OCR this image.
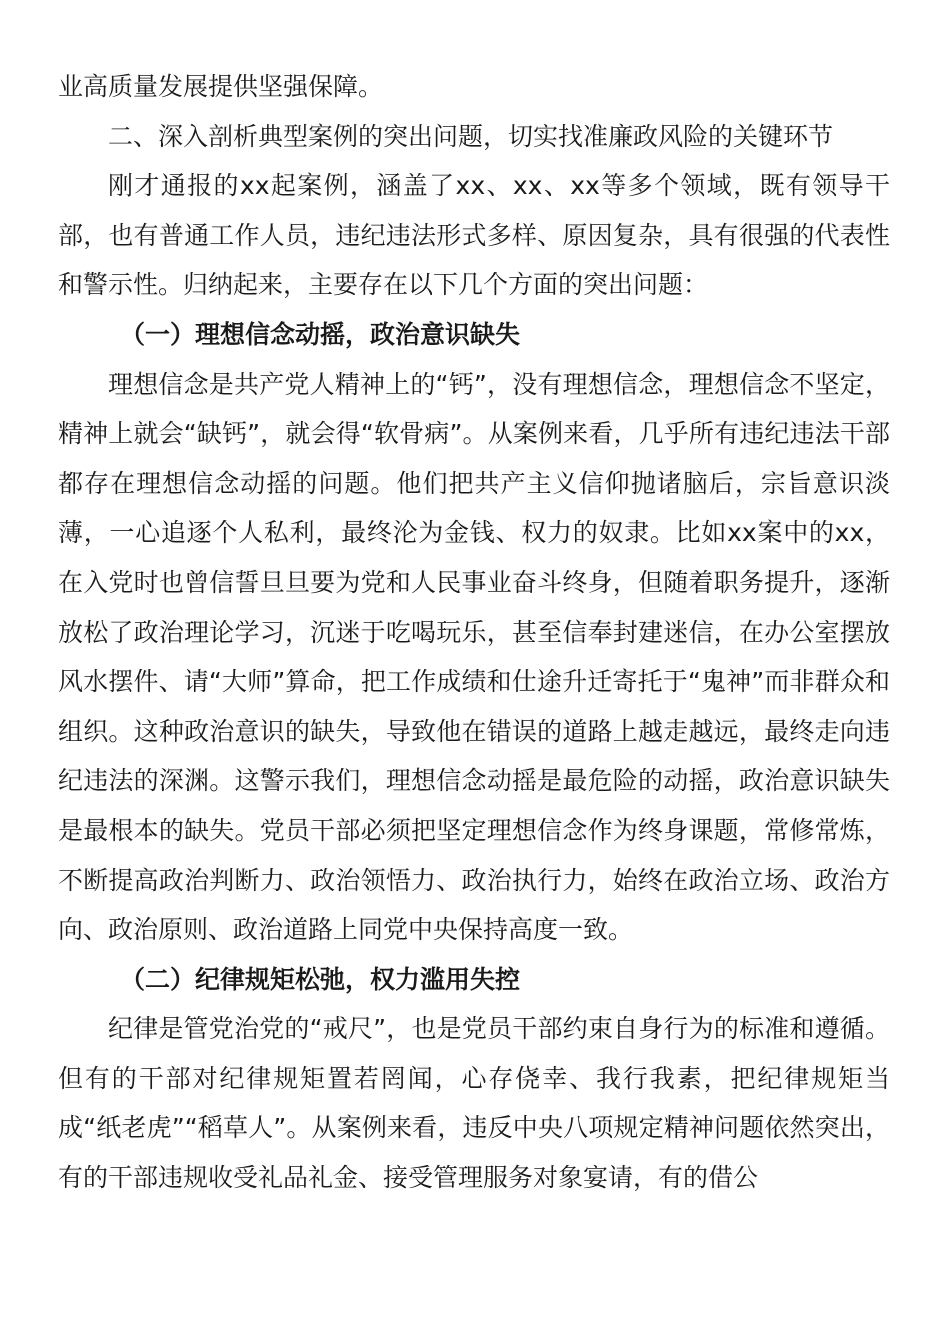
业高质量发展提供坚强保障。

二、深入剖析典型案例的突出问题，切实找准廉政风险的关键环节

刚才通报的xx起案例，涵盖了xx、xx、xx等多个领域，既有领导干部，也有普通工作人员，违纪违法形式多样、原因复杂，具有很强的代表性和警示性。归纳起来，主要存在以下几个方面的突出问题：

（一）理想信念动摇，政治意识缺失

理想信念是共产党人精神上的“钙”，没有理想信念，理想信念不坚定，精神上就会“缺钙”，就会得“软骨病”。从案例来看，几乎所有违纪违法干部都存在理想信念动摇的问题。他们把共产主义信仰抛诸脑后，宗旨意识淡薄，一心追逐个人私利，最终沦为金钱、权力的奴隶。比如xx案中的xx，在入党时也曾信誓旦旦要为党和人民事业奋斗终身，但随着职务提升，逐渐放松了政治理论学习，沉迷于吃喝玩乐，甚至信奉封建迷信，在办公室摆放风水摆件、请“大师”算命，把工作成绩和仕途升迁寄托于“鬼神”而非群众和组织。这种政治意识的缺失，导致他在错误的道路上越走越远，最终走向违纪违法的深渊。这警示我们，理想信念动摇是最危险的动摇，政治意识缺失是最根本的缺失。党员干部必须把坚定理想信念作为终身课题，常修常炼，不断提高政治判断力、政治领悟力、政治执行力，始终在政治立场、政治方向、政治原则、政治道路上同党中央保持高度一致。

（二）纪律规矩松弛，权力滥用失控

纪律是管党治党的“戒尺”，也是党员干部约束自身行为的标准和遵循。但有的干部对纪律规矩置若罔闻，心存侥幸、我行我素，把纪律规矩当成“纸老虎”“稻草人”。从案例来看，违反中央八项规定精神问题依然突出，有的干部违规收受礼品礼金、接受管理服务对象宴请，有的借公
